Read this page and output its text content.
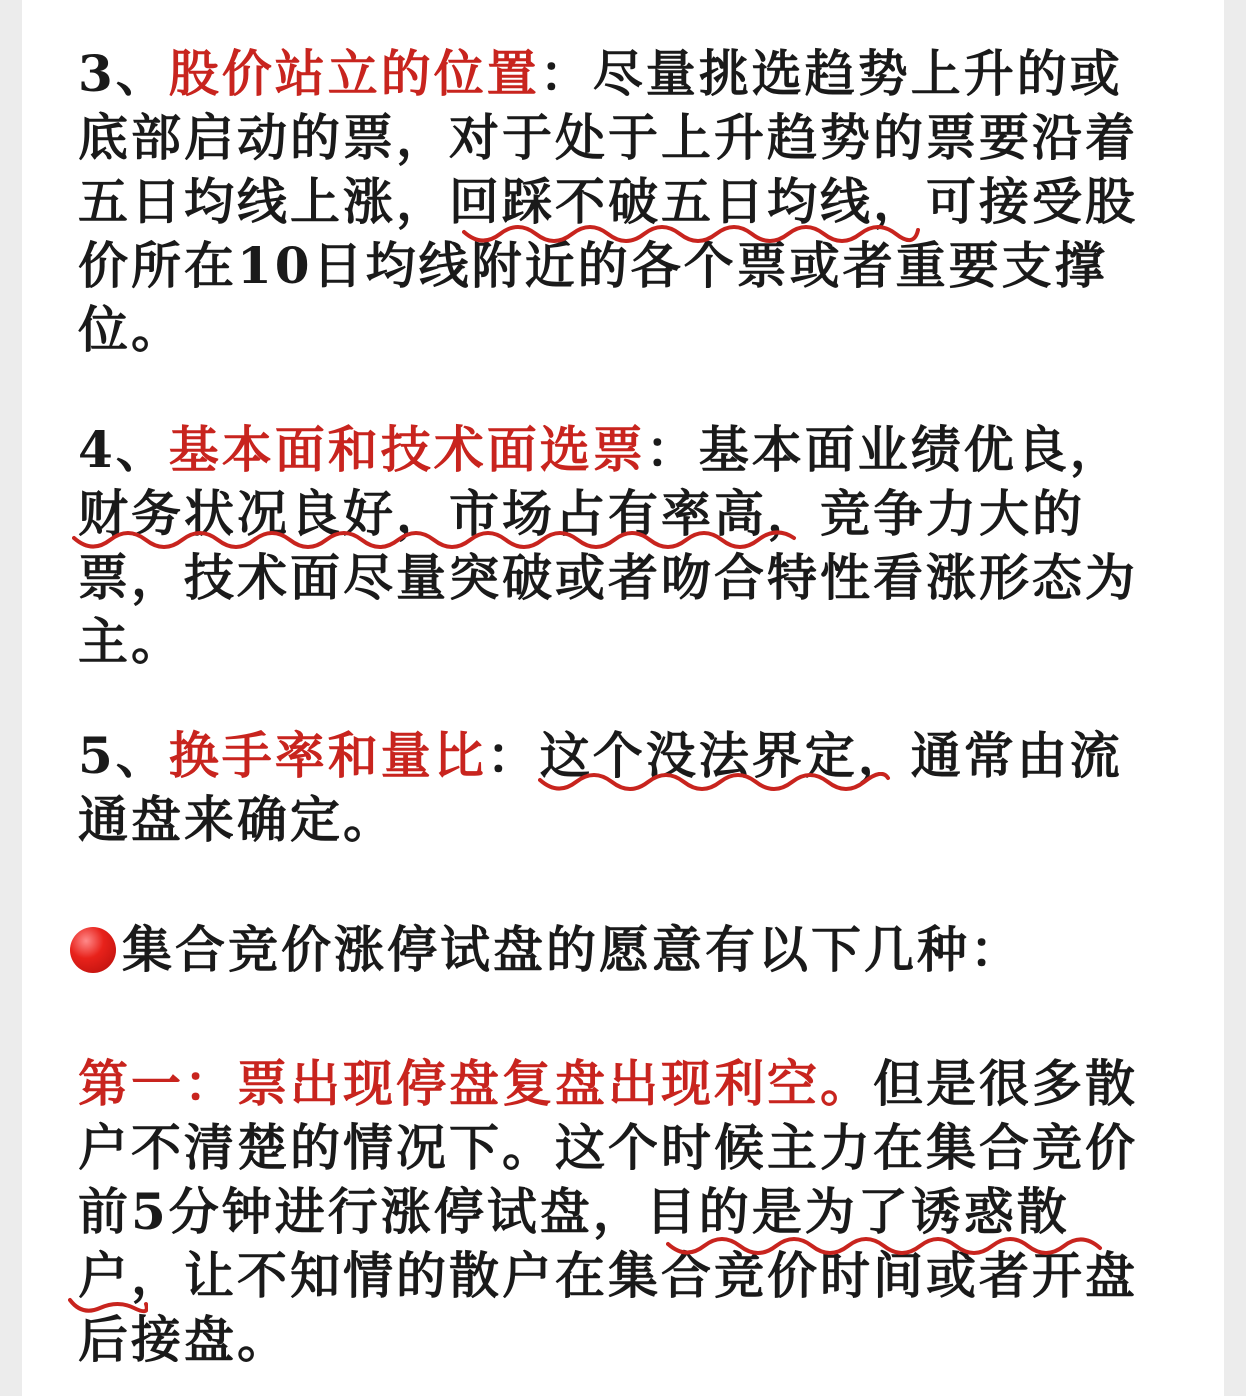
3、股价站立的位置：尽量挑选趋势上升的或
底部启动的票，对于处于上升趋势的票要沿着
五日均线上涨，回踩不破五日均线，可接受股
价所在10日均线附近的各个票或者重要支撑
位。
4、基本面和技术面选票：基本面业绩优良，
财务状况良好，市场占有率高，竞争力大的
票，技术面尽量突破或者吻合特性看涨形态为
主。
5、换手率和量比：这个没法界定，通常由流
通盘来确定。
集合竞价涨停试盘的愿意有以下几种：
第一：票出现停盘复盘出现利空。但是很多散
户不清楚的情况下。这个时候主力在集合竞价
前5分钟进行涨停试盘，目的是为了诱惑散
户，让不知情的散户在集合竞价时间或者开盘
后接盘。
